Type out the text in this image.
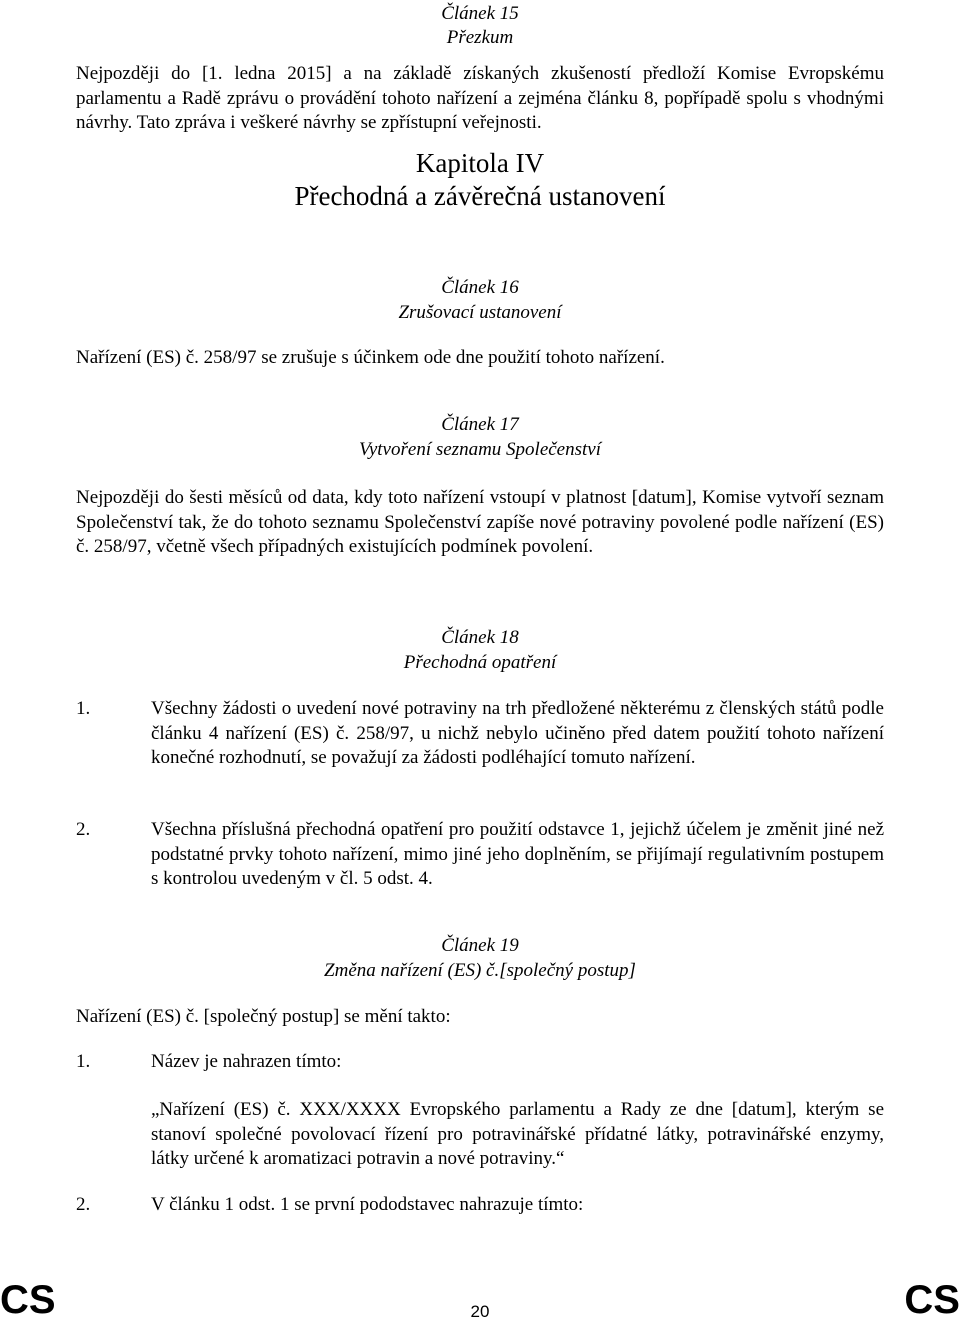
Článek 15
Přezkum
Nejpozději do [1. ledna 2015] a na základě získaných zkušeností předloží Komise Evropskému parlamentu a Radě zprávu o provádění tohoto nařízení a zejména článku 8, popřípadě spolu s vhodnými návrhy. Tato zpráva i veškeré návrhy se zpřístupní veřejnosti.
Kapitola IV
Přechodná a závěrečná ustanovení
Článek 16
Zrušovací ustanovení
Nařízení (ES) č. 258/97 se zrušuje s účinkem ode dne použití tohoto nařízení.
Článek 17
Vytvoření seznamu Společenství
Nejpozději do šesti měsíců od data, kdy toto nařízení vstoupí v platnost [datum], Komise vytvoří seznam Společenství tak, že do tohoto seznamu Společenství zapíše nové potraviny povolené podle nařízení (ES) č. 258/97, včetně všech případných existujících podmínek povolení.
Článek 18
Přechodná opatření
1.	Všechny žádosti o uvedení nové potraviny na trh předložené některému z členských států podle článku 4 nařízení (ES) č. 258/97, u nichž nebylo učiněno před datem použití tohoto nařízení konečné rozhodnutí, se považují za žádosti podléhající tomuto nařízení.
2.	Všechna příslušná přechodná opatření pro použití odstavce 1, jejichž účelem je změnit jiné než podstatné prvky tohoto nařízení, mimo jiné jeho doplněním, se přijímají regulativním postupem s kontrolou uvedeným v čl. 5 odst. 4.
Článek 19
Změna nařízení (ES) č.[společný postup]
Nařízení (ES) č. [společný postup] se mění takto:
1.	Název je nahrazen tímto:
„Nařízení (ES) č. XXX/XXXX Evropského parlamentu a Rady ze dne [datum], kterým se stanoví společné povolovací řízení pro potravinářské přídatné látky, potravinářské enzymy, látky určené k aromatizaci potravin a nové potraviny.“
2.	V článku 1 odst. 1 se první pododstavec nahrazuje tímto:
CS	20	CS
